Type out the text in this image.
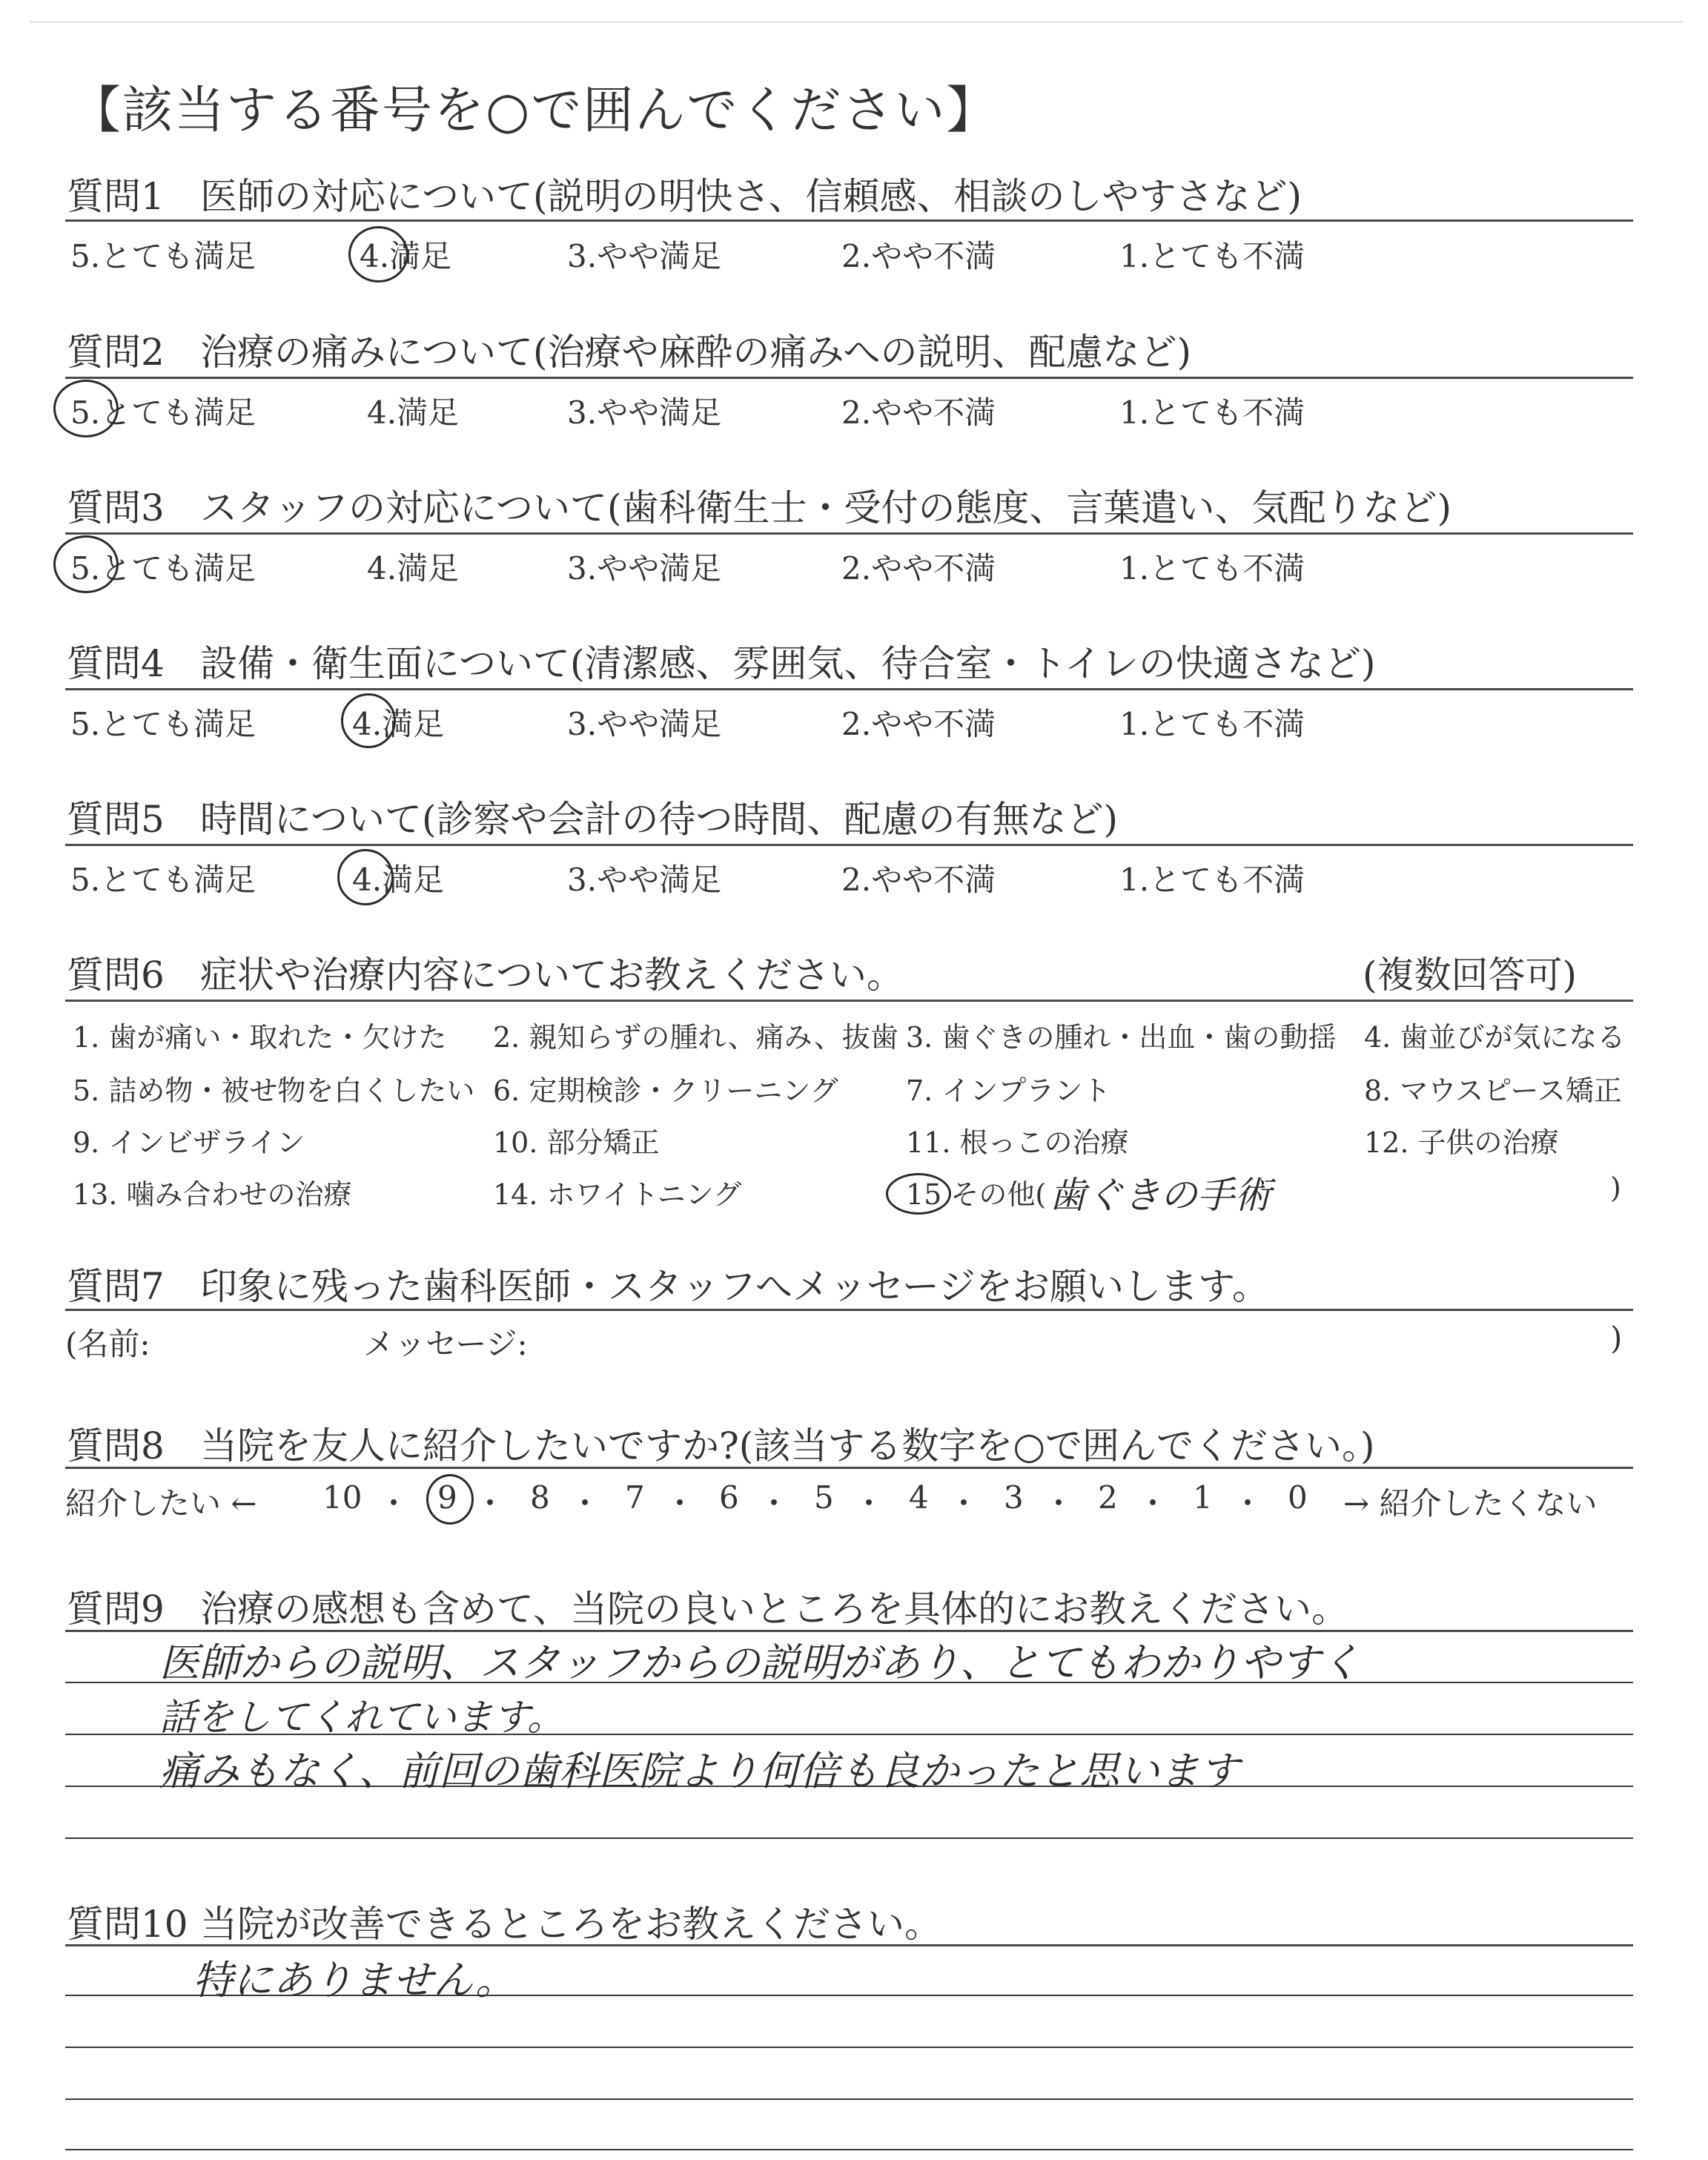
【該当する番号を○で囲んでください】
質問1 医師の対応について(説明の明快さ、信頼感、相談のしやすさなど)
5.とても満足	4.満足	3.やや満足	2.やや不満	1.とても不満
質問2 治療の痛みについて(治療や麻酔の痛みへの説明、配慮など)
5.とても満足	4.満足	3.やや満足	2.やや不満	1.とても不満
質問3 スタッフの対応について(歯科衛生士・受付の態度、言葉遣い、気配りなど)
5.とても満足	4.満足	3.やや満足	2.やや不満	1.とても不満
質問4 設備・衛生面について(清潔感、雰囲気、待合室・トイレの快適さなど)
5.とても満足	4.満足	3.やや満足	2.やや不満	1.とても不満
質問5 時間について(診察や会計の待つ時間、配慮の有無など)
5.とても満足	4.満足	3.やや満足	2.やや不満	1.とても不満
質問6 症状や治療内容についてお教えください。	(複数回答可)
1. 歯が痛い・取れた・欠けた 2. 親知らずの腫れ、痛み、抜歯 3. 歯ぐきの腫れ・出血・歯の動揺 4. 歯並びが気になる
5. 詰め物・被せ物を白くしたい 6. 定期検診・クリーニング 7. インプラント	8. マウスピース矯正
9. インビザライン	10. 部分矯正	11. 根っこの治療	12. 子供の治療
13. 噛み合わせの治療	14. ホワイトニング	15 その他( 歯ぐきの手術	)
質問7 印象に残った歯科医師・スタッフへメッセージをお願いします。
(名前:	メッセージ:	)
質問8 当院を友人に紹介したいですか?(該当する数字を○で囲んでください。)
紹介したい ← 10 ・ 9 ・ 8 ・ 7 ・ 6 ・ 5 ・ 4 ・ 3 ・ 2 ・ 1 ・ 0 → 紹介したくない
質問9 治療の感想も含めて、当院の良いところを具体的にお教えください。
医師からの説明、スタッフからの説明があり、とてもわかりやすく
話をしてくれています。
痛みもなく、前回の歯科医院より何倍も良かったと思います
質問10 当院が改善できるところをお教えください。
特にありません。
